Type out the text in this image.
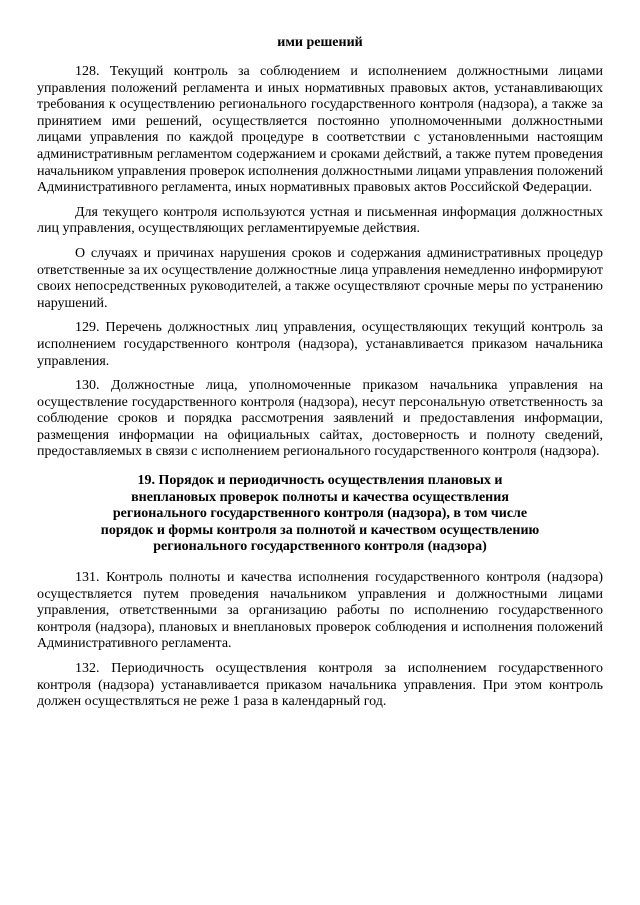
ими решений

128. Текущий контроль за соблюдением и исполнением должностными лицами управления положений регламента и иных нормативных правовых актов, устанавливающих требования к осуществлению регионального государственного контроля (надзора), а также за принятием ими решений, осуществляется постоянно уполномоченными должностными лицами управления по каждой процедуре в соответствии с установленными настоящим административным регламентом содержанием и сроками действий, а также путем проведения начальником управления проверок исполнения должностными лицами управления положений Административного регламента, иных нормативных правовых актов Российской Федерации.

Для текущего контроля используются устная и письменная информация должностных лиц управления, осуществляющих регламентируемые действия.

О случаях и причинах нарушения сроков и содержания административных процедур ответственные за их осуществление должностные лица управления немедленно информируют своих непосредственных руководителей, а также осуществляют срочные меры по устранению нарушений.

129. Перечень должностных лиц управления, осуществляющих текущий контроль за исполнением государственного контроля (надзора), устанавливается приказом начальника управления.

130. Должностные лица, уполномоченные приказом начальника управления на осуществление государственного контроля (надзора), несут персональную ответственность за соблюдение сроков и порядка рассмотрения заявлений и предоставления информации, размещения информации на официальных сайтах, достоверность и полноту сведений, предоставляемых в связи с исполнением регионального государственного контроля (надзора).

19. Порядок и периодичность осуществления плановых и внеплановых проверок полноты и качества осуществления регионального государственного контроля (надзора), в том числе порядок и формы контроля за полнотой и качеством осуществлению регионального государственного контроля (надзора)

131. Контроль полноты и качества исполнения государственного контроля (надзора) осуществляется путем проведения начальником управления и должностными лицами управления, ответственными за организацию работы по исполнению государственного контроля (надзора), плановых и внеплановых проверок соблюдения и исполнения положений Административного регламента.

132. Периодичность осуществления контроля за исполнением государственного контроля (надзора) устанавливается приказом начальника управления. При этом контроль должен осуществляться не реже 1 раза в календарный год.
